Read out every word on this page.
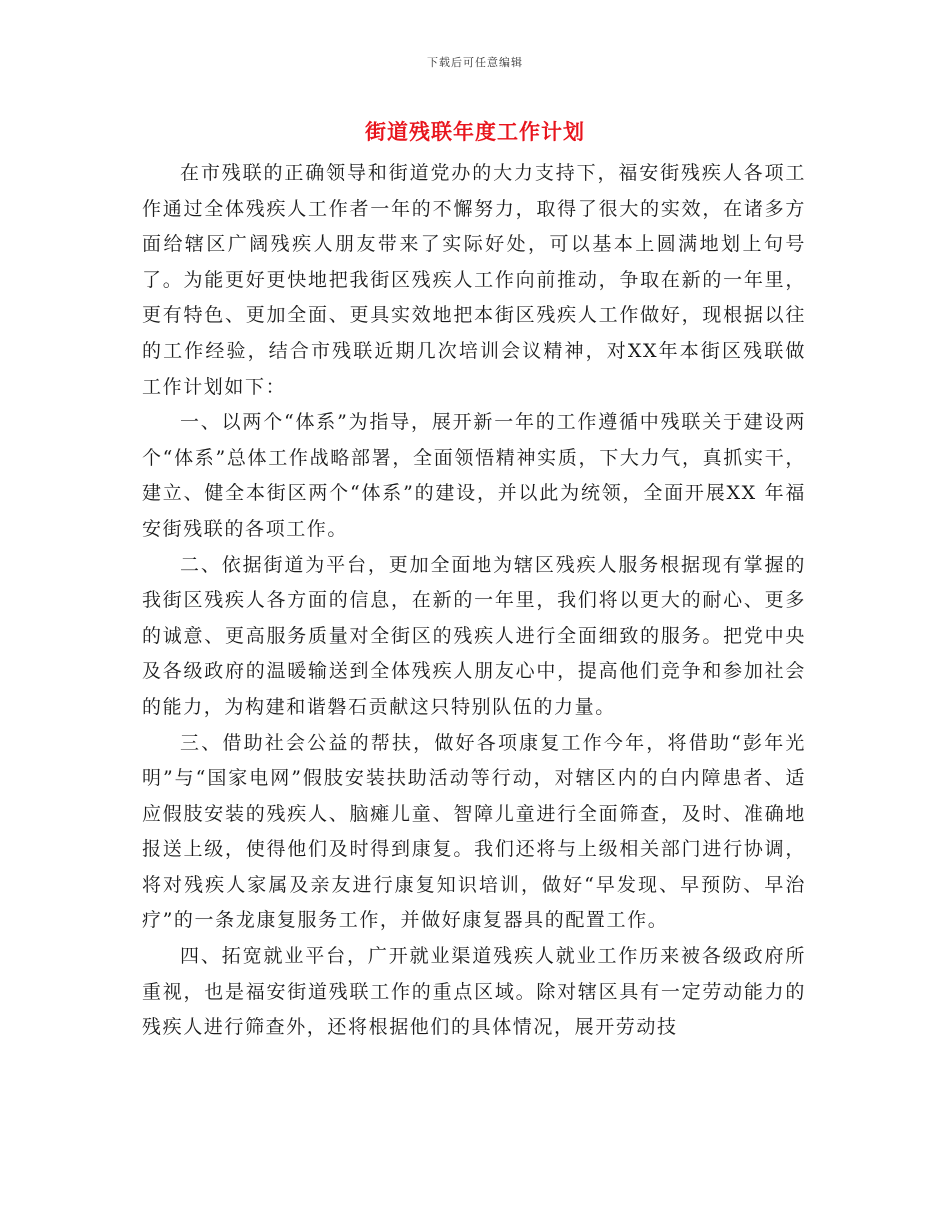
下载后可任意编辑
街道残联年度工作计划

在市残联的正确领导和街道党办的大力支持下，福安街残疾人各项工作通过全体残疾人工作者一年的不懈努力，取得了很大的实效，在诸多方面给辖区广阔残疾人朋友带来了实际好处，可以基本上圆满地划上句号了。为能更好更快地把我街区残疾人工作向前推动，争取在新的一年里，更有特色、更加全面、更具实效地把本街区残疾人工作做好，现根据以往的工作经验，结合市残联近期几次培训会议精神，对XX年本街区残联做工作计划如下：

一、以两个“体系”为指导，展开新一年的工作遵循中残联关于建设两个“体系”总体工作战略部署，全面领悟精神实质，下大力气，真抓实干，建立、健全本街区两个“体系”的建设，并以此为统领，全面开展XX 年福安街残联的各项工作。

二、依据街道为平台，更加全面地为辖区残疾人服务根据现有掌握的我街区残疾人各方面的信息，在新的一年里，我们将以更大的耐心、更多的诚意、更高服务质量对全街区的残疾人进行全面细致的服务。把党中央及各级政府的温暖输送到全体残疾人朋友心中，提高他们竞争和参加社会的能力，为构建和谐磐石贡献这只特别队伍的力量。

三、借助社会公益的帮扶，做好各项康复工作今年，将借助“彭年光明”与“国家电网”假肢安装扶助活动等行动，对辖区内的白内障患者、适应假肢安装的残疾人、脑瘫儿童、智障儿童进行全面筛查，及时、准确地报送上级，使得他们及时得到康复。我们还将与上级相关部门进行协调，将对残疾人家属及亲友进行康复知识培训，做好“早发现、早预防、早治疗”的一条龙康复服务工作，并做好康复器具的配置工作。

四、拓宽就业平台，广开就业渠道残疾人就业工作历来被各级政府所重视，也是福安街道残联工作的重点区域。除对辖区具有一定劳动能力的残疾人进行筛查外，还将根据他们的具体情况，展开劳动技
